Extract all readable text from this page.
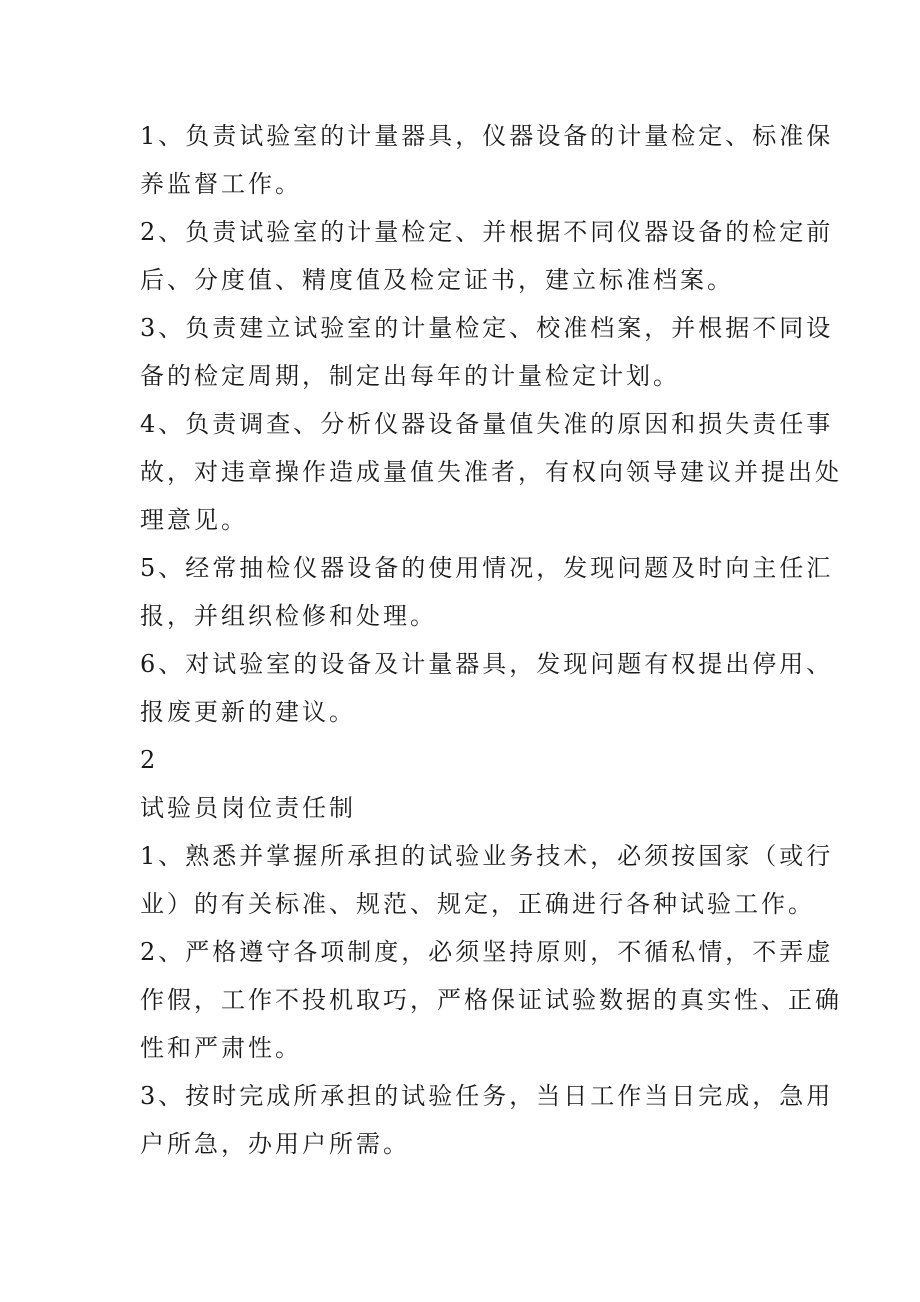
1、负责试验室的计量器具，仪器设备的计量检定、标准保
养监督工作。
2、负责试验室的计量检定、并根据不同仪器设备的检定前
后、分度值、精度值及检定证书，建立标准档案。
3、负责建立试验室的计量检定、校准档案，并根据不同设
备的检定周期，制定出每年的计量检定计划。
4、负责调查、分析仪器设备量值失准的原因和损失责任事
故，对违章操作造成量值失准者，有权向领导建议并提出处
理意见。
5、经常抽检仪器设备的使用情况，发现问题及时向主任汇
报，并组织检修和处理。
6、对试验室的设备及计量器具，发现问题有权提出停用、
报废更新的建议。
2
试验员岗位责任制
1、熟悉并掌握所承担的试验业务技术，必须按国家（或行
业）的有关标准、规范、规定，正确进行各种试验工作。
2、严格遵守各项制度，必须坚持原则，不循私情，不弄虚
作假，工作不投机取巧，严格保证试验数据的真实性、正确
性和严肃性。
3、按时完成所承担的试验任务，当日工作当日完成，急用
户所急，办用户所需。
